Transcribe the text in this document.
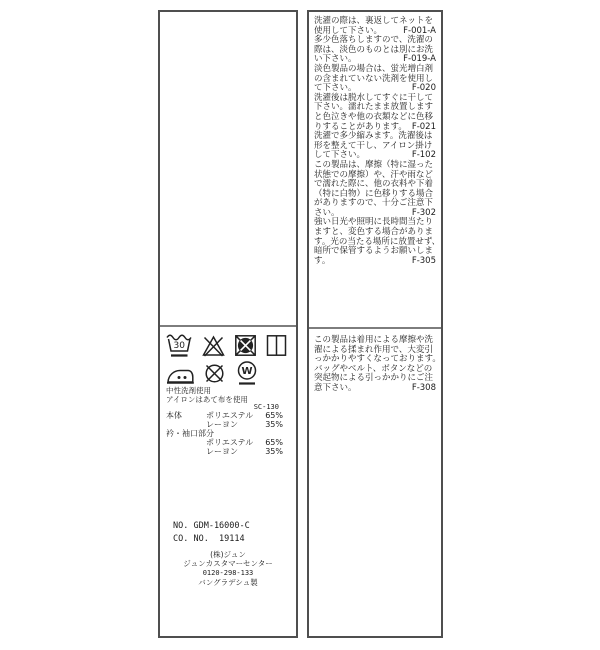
30
W
中性洗剤使用
アイロンはあて布を使用
SC-130
本体	ポリエステル 65%
レーヨン	35%
衿・袖口部分
ポリエステル 65%
レーヨン	35%
NO. GDM-16000-C
CO. NO.  19114
(株)ジュン
ジュンカスタマーセンター
0120-298-133
バングラデシュ製
洗濯の際は、裏返してネットを
使用して下さい。 F-001-A
多少色落ちしますので、洗濯の
際は、淡色のものとは別にお洗
い下さい。	F-019-A
淡色製品の場合は、蛍光増白剤
の含まれていない洗剤を使用し
て下さい。	F-020
洗濯後は脱水してすぐに干して
下さい。濡れたまま放置します
と色泣きや他の衣類などに色移
りすることがあります。 F-021
洗濯で多少縮みます。洗濯後は
形を整えて干し、アイロン掛け
して下さい。	F-102
この製品は、摩擦（特に湿った
状態での摩擦）や、汗や雨など
で濡れた際に、他の衣料や下着
（特に白物）に色移りする場合
がありますので、十分ご注意下
さい。	F-302
強い日光や照明に長時間当たり
ますと、変色する場合がありま
す。光の当たる場所に放置せず、
暗所で保管するようお願いしま
す。	F-305
この製品は着用による摩擦や洗
濯による揉まれ作用で、大変引
っかかりやすくなっております。
バッグやベルト、ボタンなどの
突起物による引っかかりにご注
意下さい。	F-308
